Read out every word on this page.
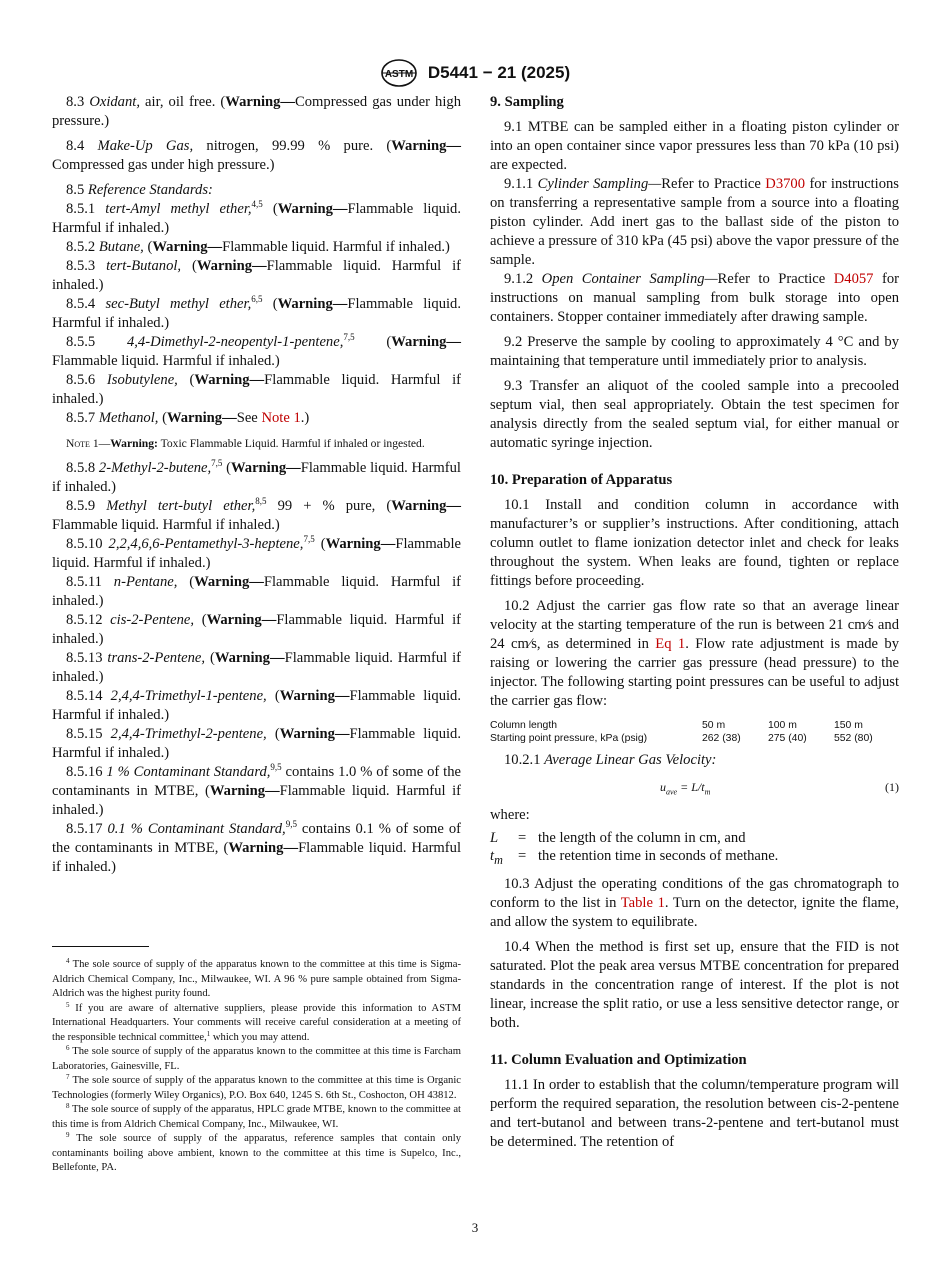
ASTM D5441 − 21 (2025)

8.3 Oxidant, air, oil free. (Warning—Compressed gas under high pressure.)

8.4 Make-Up Gas, nitrogen, 99.99 % pure. (Warning—Compressed gas under high pressure.)

8.5 Reference Standards:

8.5.1 tert-Amyl methyl ether,$^{4,5}$ (Warning—Flammable liquid. Harmful if inhaled.)

8.5.2 Butane, (Warning—Flammable liquid. Harmful if inhaled.)

8.5.3 tert-Butanol, (Warning—Flammable liquid. Harmful if inhaled.)

8.5.4 sec-Butyl methyl ether,$^{6,5}$ (Warning—Flammable liquid. Harmful if inhaled.)

8.5.5 4,4-Dimethyl-2-neopentyl-1-pentene,$^{7,5}$ (Warning—Flammable liquid. Harmful if inhaled.)

8.5.6 Isobutylene, (Warning—Flammable liquid. Harmful if inhaled.)

8.5.7 Methanol, (Warning—See Note 1.)

Note 1—Warning: Toxic Flammable Liquid. Harmful if inhaled or ingested.

8.5.8 2-Methyl-2-butene,$^{7,5}$ (Warning—Flammable liquid. Harmful if inhaled.)

8.5.9 Methyl tert-butyl ether,$^{8,5}$ 99 + % pure, (Warning—Flammable liquid. Harmful if inhaled.)

8.5.10 2,2,4,6,6-Pentamethyl-3-heptene,$^{7,5}$ (Warning—Flammable liquid. Harmful if inhaled.)

8.5.11 n-Pentane, (Warning—Flammable liquid. Harmful if inhaled.)

8.5.12 cis-2-Pentene, (Warning—Flammable liquid. Harmful if inhaled.)

8.5.13 trans-2-Pentene, (Warning—Flammable liquid. Harmful if inhaled.)

8.5.14 2,4,4-Trimethyl-1-pentene, (Warning—Flammable liquid. Harmful if inhaled.)

8.5.15 2,4,4-Trimethyl-2-pentene, (Warning—Flammable liquid. Harmful if inhaled.)

8.5.16 1 % Contaminant Standard,$^{9,5}$ contains 1.0 % of some of the contaminants in MTBE, (Warning—Flammable liquid. Harmful if inhaled.)

8.5.17 0.1 % Contaminant Standard,$^{9,5}$ contains 0.1 % of some of the contaminants in MTBE, (Warning—Flammable liquid. Harmful if inhaled.)

$^4$ The sole source of supply of the apparatus known to the committee at this time is Sigma-Aldrich Chemical Company, Inc., Milwaukee, WI. A 96 % pure sample obtained from Sigma-Aldrich was the highest purity found.

$^5$ If you are aware of alternative suppliers, please provide this information to ASTM International Headquarters. Your comments will receive careful consideration at a meeting of the responsible technical committee,$^1$ which you may attend.

$^6$ The sole source of supply of the apparatus known to the committee at this time is Farcham Laboratories, Gainesville, FL.

$^7$ The sole source of supply of the apparatus known to the committee at this time is Organic Technologies (formerly Wiley Organics), P.O. Box 640, 1245 S. 6th St., Coshocton, OH 43812.

$^8$ The sole source of supply of the apparatus, HPLC grade MTBE, known to the committee at this time is from Aldrich Chemical Company, Inc., Milwaukee, WI.

$^9$ The sole source of supply of the apparatus, reference samples that contain only contaminants boiling above ambient, known to the committee at this time is Supelco, Inc., Bellefonte, PA.

9. Sampling

9.1 MTBE can be sampled either in a floating piston cylinder or into an open container since vapor pressures less than 70 kPa (10 psi) are expected.

9.1.1 Cylinder Sampling—Refer to Practice D3700 for instructions on transferring a representative sample from a source into a floating piston cylinder. Add inert gas to the ballast side of the piston to achieve a pressure of 310 kPa (45 psi) above the vapor pressure of the sample.

9.1.2 Open Container Sampling—Refer to Practice D4057 for instructions on manual sampling from bulk storage into open containers. Stopper container immediately after drawing sample.

9.2 Preserve the sample by cooling to approximately 4 °C and by maintaining that temperature until immediately prior to analysis.

9.3 Transfer an aliquot of the cooled sample into a precooled septum vial, then seal appropriately. Obtain the test specimen for analysis directly from the sealed septum vial, for either manual or automatic syringe injection.

10. Preparation of Apparatus

10.1 Install and condition column in accordance with manufacturer’s or supplier’s instructions. After conditioning, attach column outlet to flame ionization detector inlet and check for leaks throughout the system. When leaks are found, tighten or replace fittings before proceeding.

10.2 Adjust the carrier gas flow rate so that an average linear velocity at the starting temperature of the run is between 21 cm⁄s and 24 cm⁄s, as determined in Eq 1. Flow rate adjustment is made by raising or lowering the carrier gas pressure (head pressure) to the injector. The following starting point pressures can be useful to adjust the carrier gas flow:

Column length	50 m	100 m	150 m
Starting point pressure, kPa (psig)	262 (38)	275 (40)	552 (80)

10.2.1 Average Linear Gas Velocity:

$u_{ave} = L/t_m$	(1)

where:

L	= the length of the column in cm, and
$t_m$	= the retention time in seconds of methane.

10.3 Adjust the operating conditions of the gas chromatograph to conform to the list in Table 1. Turn on the detector, ignite the flame, and allow the system to equilibrate.

10.4 When the method is first set up, ensure that the FID is not saturated. Plot the peak area versus MTBE concentration for prepared standards in the concentration range of interest. If the plot is not linear, increase the split ratio, or use a less sensitive detector range, or both.

11. Column Evaluation and Optimization

11.1 In order to establish that the column/temperature program will perform the required separation, the resolution between cis-2-pentene and tert-butanol and between trans-2-pentene and tert-butanol must be determined. The retention of

3
